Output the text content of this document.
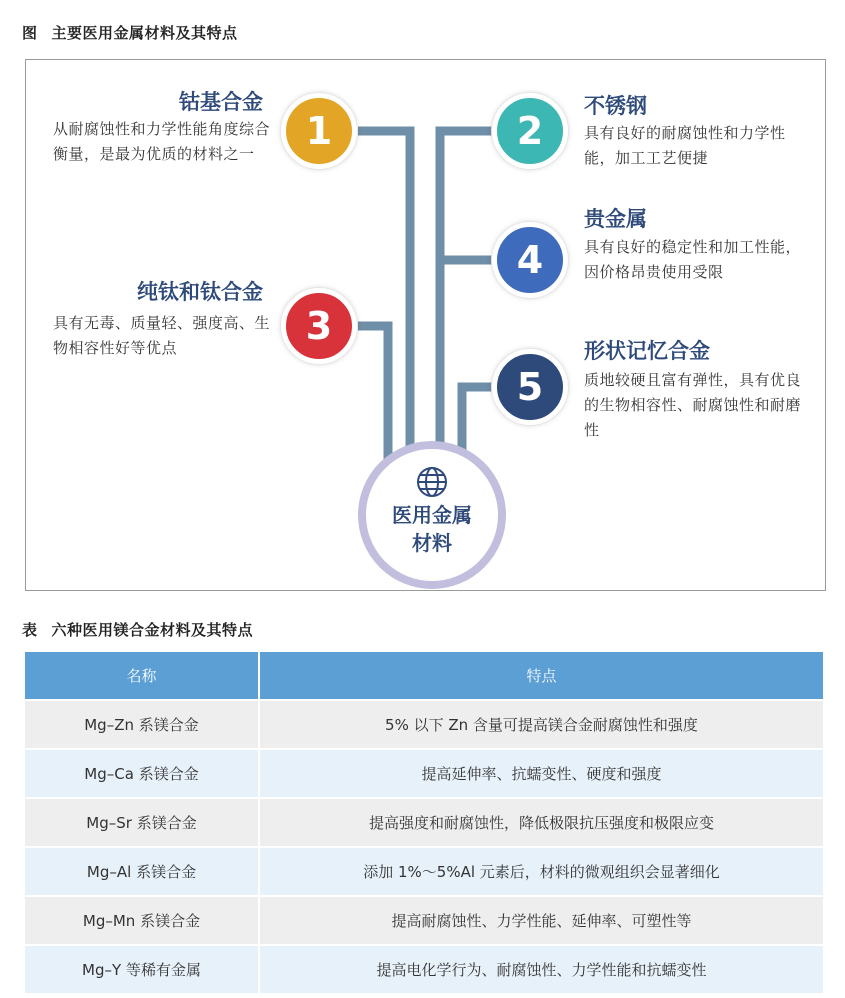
图 主要医用金属材料及其特点
1	2
3
4
5
钴基合金
从耐腐蚀性和力学性能角度综合衡量，是最为优质的材料之一
纯钛和钛合金
具有无毒、质量轻、强度高、生物相容性好等优点
不锈钢
具有良好的耐腐蚀性和力学性能，加工工艺便捷
贵金属
具有良好的稳定性和加工性能，因价格昂贵使用受限
形状记忆合金
质地较硬且富有弹性，具有优良的生物相容性、耐腐蚀性和耐磨性
医用金属
材料
表 六种医用镁合金材料及其特点
名称	特点
Mg–Zn 系镁合金	5% 以下 Zn 含量可提高镁合金耐腐蚀性和强度
Mg–Ca 系镁合金	提高延伸率、抗蠕变性、硬度和强度
Mg–Sr 系镁合金	提高强度和耐腐蚀性，降低极限抗压强度和极限应变
Mg–Al 系镁合金	添加 1%～5%Al 元素后，材料的微观组织会显著细化
Mg–Mn 系镁合金	提高耐腐蚀性、力学性能、延伸率、可塑性等
Mg–Y 等稀有金属	提高电化学行为、耐腐蚀性、力学性能和抗蠕变性
